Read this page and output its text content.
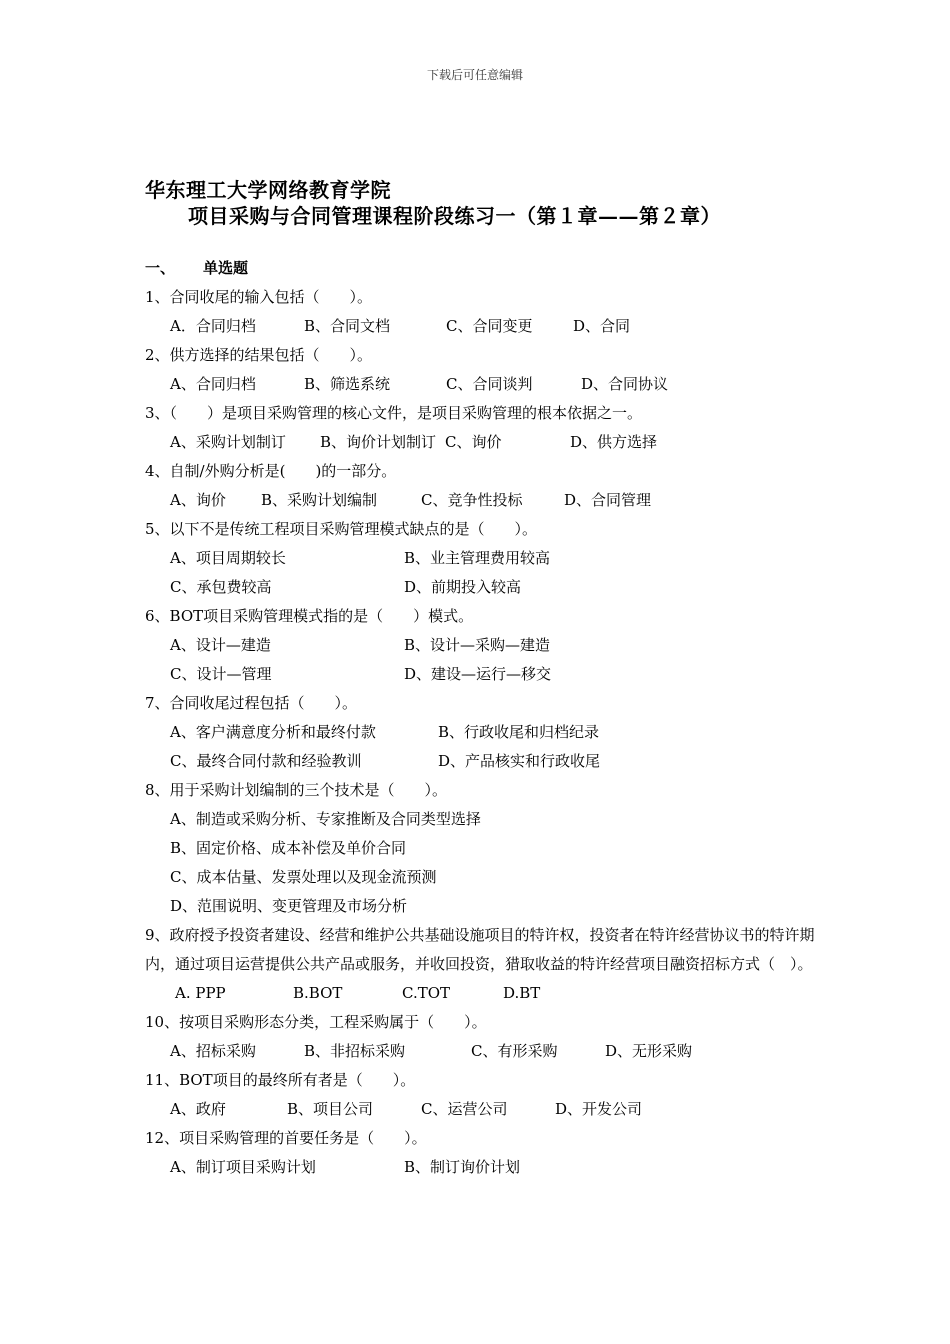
下载后可任意编辑
华东理工大学网络教育学院
项目采购与合同管理课程阶段练习一（第１章——第２章）
一、 单选题
1、合同收尾的输入包括（　　）。
A．合同归档	B、合同文档	C、合同变更	D、合同
2、供方选择的结果包括（　　）。
A、合同归档	B、筛选系统	C、合同谈判	D、合同协议
3、（　　）是项目采购管理的核心文件，是项目采购管理的根本依据之一。
A、采购计划制订 B、询价计划制订 C、询价	D、供方选择
4、自制/外购分析是(　　)的一部分。
A、询价 B、采购计划编制	C、竞争性投标	D、合同管理
5、以下不是传统工程项目采购管理模式缺点的是（　　）。
A、项目周期较长	B、业主管理费用较高
C、承包费较高	D、前期投入较高
6、BOT项目采购管理模式指的是（　　）模式。
A、设计—建造	B、设计—采购—建造
C、设计—管理	D、建设—运行—移交
7、合同收尾过程包括（　　）。
A、客户满意度分析和最终付款	B、行政收尾和归档纪录
C、最终合同付款和经验教训	D、产品核实和行政收尾
8、用于采购计划编制的三个技术是（　　）。
A、制造或采购分析、专家推断及合同类型选择
B、固定价格、成本补偿及单价合同
C、成本估量、发票处理以及现金流预测
D、范围说明、变更管理及市场分析
9、政府授予投资者建设、经营和维护公共基础设施项目的特许权，投资者在特许经营协议书的特许期内，通过项目运营提供公共产品或服务，并收回投资，猎取收益的特许经营项目融资招标方式（　）。
A. PPP	B.BOT	C.TOT	D.BT
10、按项目采购形态分类，工程采购属于（　　）。
A、招标采购	B、非招标采购	C、有形采购	D、无形采购
11、BOT项目的最终所有者是（　　）。
A、政府	B、项目公司	C、运营公司	D、开发公司
12、项目采购管理的首要任务是（　　）。
A、制订项目采购计划	B、制订询价计划
